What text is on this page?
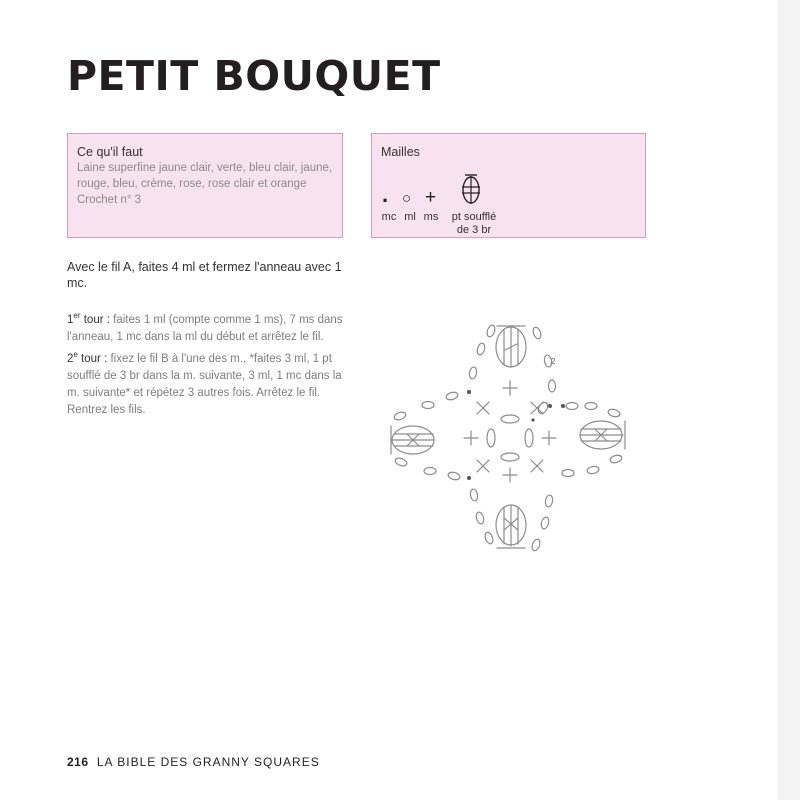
PETIT BOUQUET
Ce qu'il faut
Laine superfine jaune clair, verte, bleu clair, jaune, rouge, bleu, crème, rose, rose clair et orange
Crochet n° 3
Mailles
.
mc
○
ml
+
ms	pt soufflé
de 3 br
Avec le fil A, faites 4 ml et fermez l'anneau avec 1 mc.

1er tour : faites 1 ml (compte comme 1 ms), 7 ms dans l'anneau, 1 mc dans la ml du début et arrêtez le fil.

2e tour : fixez le fil B à l'une des m., *faites 3 ml, 1 pt soufflé de 3 br dans la m. suivante, 3 ml, 1 mc dans la m. suivante* et répétez 3 autres fois. Arrêtez le fil. Rentrez les fils.

2
216 LA BIBLE DES GRANNY SQUARES
